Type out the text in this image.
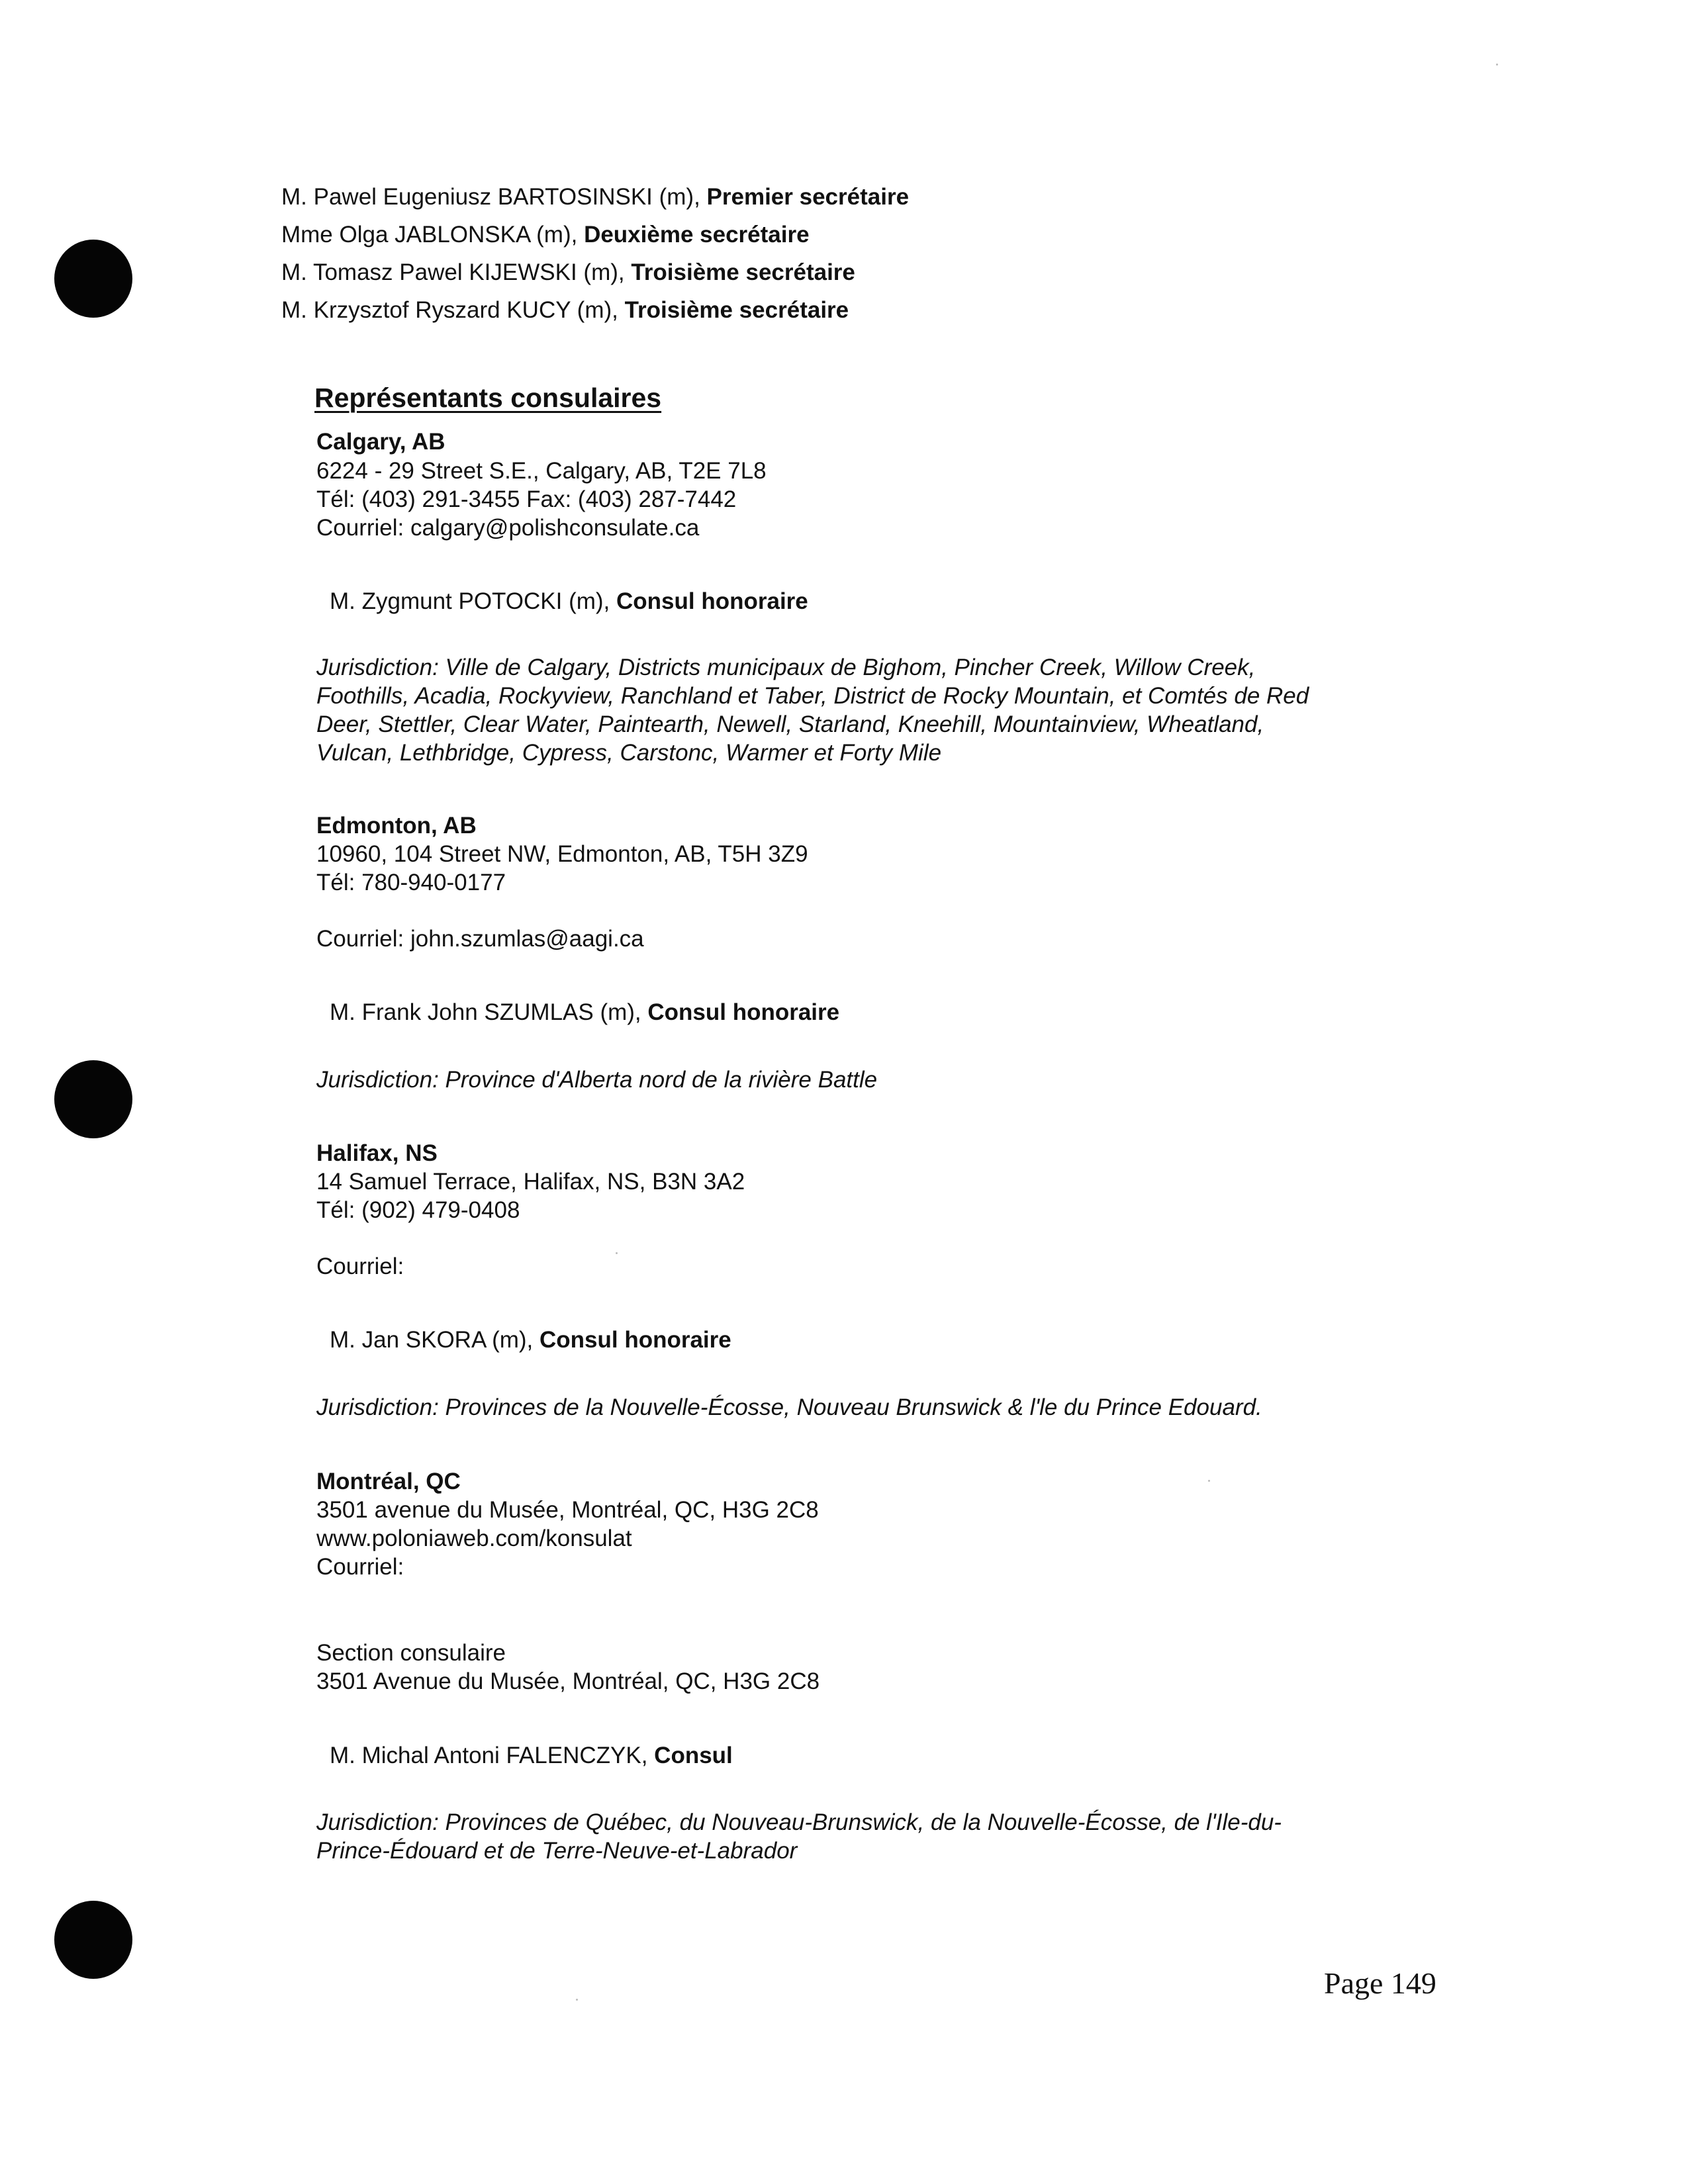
M. Pawel Eugeniusz BARTOSINSKI (m), Premier secrétaire
Mme Olga JABLONSKA (m), Deuxième secrétaire
M. Tomasz Pawel KIJEWSKI (m), Troisième secrétaire
M. Krzysztof Ryszard KUCY (m), Troisième secrétaire
Représentants consulaires
Calgary, AB
6224 - 29 Street S.E., Calgary, AB, T2E 7L8
Tél: (403) 291-3455 Fax: (403) 287-7442
Courriel: calgary@polishconsulate.ca
M. Zygmunt POTOCKI (m), Consul honoraire
Jurisdiction: Ville de Calgary, Districts municipaux de Bighom, Pincher Creek, Willow Creek,
Foothills, Acadia, Rockyview, Ranchland et Taber, District de Rocky Mountain, et Comtés de Red
Deer, Stettler, Clear Water, Paintearth, Newell, Starland, Kneehill, Mountainview, Wheatland,
Vulcan, Lethbridge, Cypress, Carstonc, Warmer et Forty Mile
Edmonton, AB
10960, 104 Street NW, Edmonton, AB, T5H 3Z9
Tél: 780-940-0177
Courriel: john.szumlas@aagi.ca
M. Frank John SZUMLAS (m), Consul honoraire
Jurisdiction: Province d'Alberta nord de la rivière Battle
Halifax, NS
14 Samuel Terrace, Halifax, NS, B3N 3A2
Tél: (902) 479-0408
Courriel:
M. Jan SKORA (m), Consul honoraire
Jurisdiction: Provinces de la Nouvelle-Écosse, Nouveau Brunswick & l'le du Prince Edouard.
Montréal, QC
3501 avenue du Musée, Montréal, QC, H3G 2C8
www.poloniaweb.com/konsulat
Courriel:
Section consulaire
3501 Avenue du Musée, Montréal, QC, H3G 2C8
M. Michal Antoni FALENCZYK, Consul
Jurisdiction: Provinces de Québec, du Nouveau-Brunswick, de la Nouvelle-Écosse, de l'Ile-du-
Prince-Édouard et de Terre-Neuve-et-Labrador
Page 149
